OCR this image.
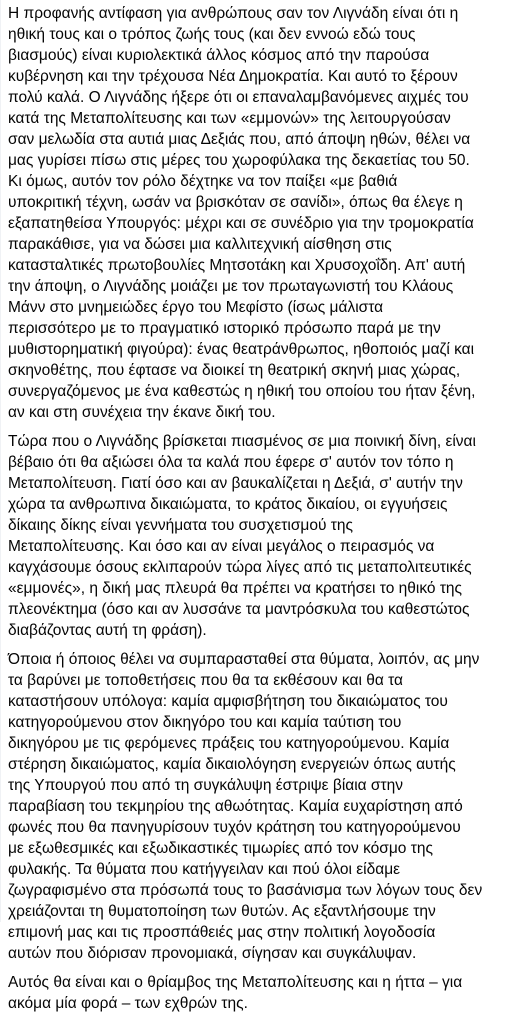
Η προφανής αντίφαση για ανθρώπους σαν τον Λιγνάδη είναι ότι η
ηθική τους και ο τρόπος ζωής τους (και δεν εννοώ εδώ τους
βιασμούς) είναι κυριολεκτικά άλλος κόσμος από την παρούσα
κυβέρνηση και την τρέχουσα Νέα Δημοκρατία. Και αυτό το ξέρουν
πολύ καλά. Ο Λιγνάδης ήξερε ότι οι επαναλαμβανόμενες αιχμές του
κατά της Μεταπολίτευσης και των «εμμονών» της λειτουργούσαν
σαν μελωδία στα αυτιά μιας Δεξιάς που, από άποψη ηθών, θέλει να
μας γυρίσει πίσω στις μέρες του χωροφύλακα της δεκαετίας του 50.
Κι όμως, αυτόν τον ρόλο δέχτηκε να τον παίξει «με βαθιά
υποκριτική τέχνη, ωσάν να βρισκόταν σε σανίδι», όπως θα έλεγε η
εξαπατηθείσα Υπουργός: μέχρι και σε συνέδριο για την τρομοκρατία
παρακάθισε, για να δώσει μια καλλιτεχνική αίσθηση στις
κατασταλτικές πρωτοβουλίες Μητσοτάκη και Χρυσοχοΐδη. Απ' αυτή
την άποψη, ο Λιγνάδης μοιάζει με τον πρωταγωνιστή του Κλάους
Μάνν στο μνημειώδες έργο του Μεφίστο (ίσως μάλιστα
περισσότερο με το πραγματικό ιστορικό πρόσωπο παρά με την
μυθιστορηματική φιγούρα): ένας θεατράνθρωπος, ηθοποιός μαζί και
σκηνοθέτης, που έφτασε να διοικεί τη θεατρική σκηνή μιας χώρας,
συνεργαζόμενος με ένα καθεστώς η ηθική του οποίου του ήταν ξένη,
αν και στη συνέχεια την έκανε δική του.

Τώρα που ο Λιγνάδης βρίσκεται πιασμένος σε μια ποινική δίνη, είναι
βέβαιο ότι θα αξιώσει όλα τα καλά που έφερε σ' αυτόν τον τόπο η
Μεταπολίτευση. Γιατί όσο και αν βαυκαλίζεται η Δεξιά, σ' αυτήν την
χώρα τα ανθρωπινα δικαιώματα, το κράτος δικαίου, οι εγγυήσεις
δίκαιης δίκης είναι γεννήματα του συσχετισμού της
Μεταπολίτευσης. Και όσο και αν είναι μεγάλος ο πειρασμός να
καγχάσουμε όσους εκλιπαρούν τώρα λίγες από τις μεταπολιτευτικές
«εμμονές», η δική μας πλευρά θα πρέπει να κρατήσει το ηθικό της
πλεονέκτημα (όσο και αν λυσσάνε τα μαντρόσκυλα του καθεστώτος
διαβάζοντας αυτή τη φράση).

Όποια ή όποιος θέλει να συμπαρασταθεί στα θύματα, λοιπόν, ας μην
τα βαρύνει με τοποθετήσεις που θα τα εκθέσουν και θα τα
καταστήσουν υπόλογα: καμία αμφισβήτηση του δικαιώματος του
κατηγορούμενου στον δικηγόρο του και καμία ταύτιση του
δικηγόρου με τις φερόμενες πράξεις του κατηγορούμενου. Καμία
στέρηση δικαιώματος, καμία δικαιολόγηση ενεργειών όπως αυτής
της Υπουργού που από τη συγκάλυψη έστριψε βίαια στην
παραβίαση του τεκμηρίου της αθωότητας. Καμία ευχαρίστηση από
φωνές που θα πανηγυρίσουν τυχόν κράτηση του κατηγορούμενου
με εξωθεσμικές και εξωδικαστικές τιμωρίες από τον κόσμο της
φυλακής. Τα θύματα που κατήγγειλαν και πού όλοι είδαμε
ζωγραφισμένο στα πρόσωπά τους το βασάνισμα των λόγων τους δεν
χρειάζονται τη θυματοποίηση των θυτών. Ας εξαντλήσουμε την
επιμονή μας και τις προσπάθειές μας στην πολιτική λογοδοσία
αυτών που διόρισαν προνομιακά, σίγησαν και συγκάλυψαν.

Αυτός θα είναι και ο θρίαμβος της Μεταπολίτευσης και η ήττα – για
ακόμα μία φορά – των εχθρών της.
